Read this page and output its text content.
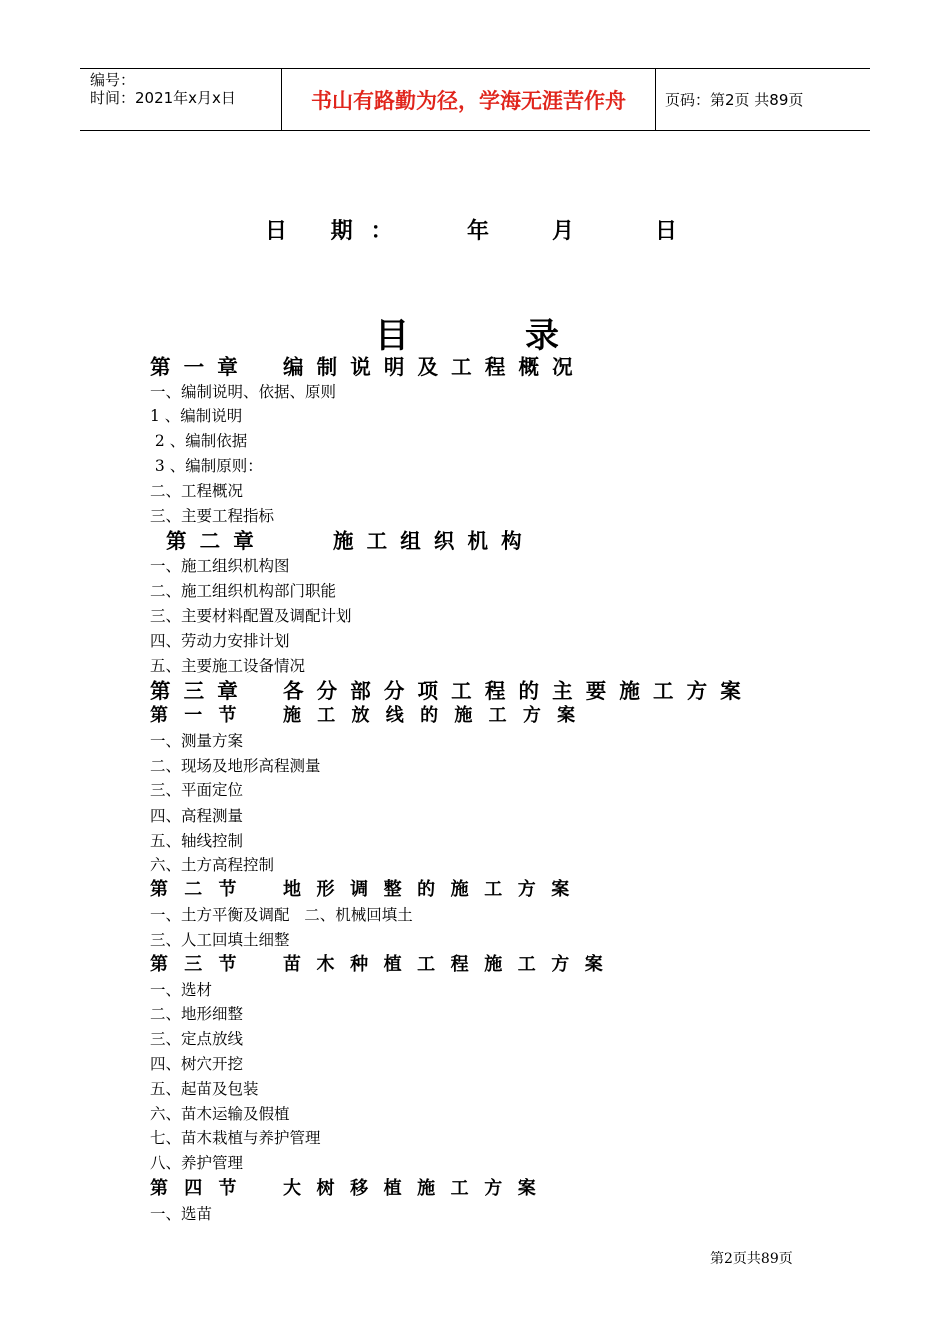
编号：
时间：2021年x月x日	书山有路勤为径，学海无涯苦作舟	页码：第2页 共89页
日 期：	年	月	日
目	录
第 一 章 编 制 说 明 及 工 程 概 况
一、编制说明、依据、原则
1 、编制说明
2 、编制依据
3 、编制原则：
二、工程概况
三、主要工程指标
第 二 章	施 工 组 织 机 构
一、施工组织机构图
二、施工组织机构部门职能
三、主要材料配置及调配计划
四、劳动力安排计划
五、主要施工设备情况
第 三 章 各 分 部 分 项 工 程 的 主 要 施 工 方 案
第 一 节 施 工 放 线 的 施 工 方 案
一、测量方案
二、现场及地形高程测量
三、平面定位
四、高程测量
五、轴线控制
六、土方高程控制
第 二 节 地  形  调  整  的  施  工  方  案
一、土方平衡及调配   二、机械回填土
三、人工回填土细整
第 三 节 苗  木  种  植  工  程  施  工  方  案
一、选材
二、地形细整
三、定点放线
四、树穴开挖
五、起苗及包装
六、苗木运输及假植
七、苗木栽植与养护管理
八、养护管理
第 四 节 大  树  移  植  施  工  方  案
一、选苗
第2页共89页
